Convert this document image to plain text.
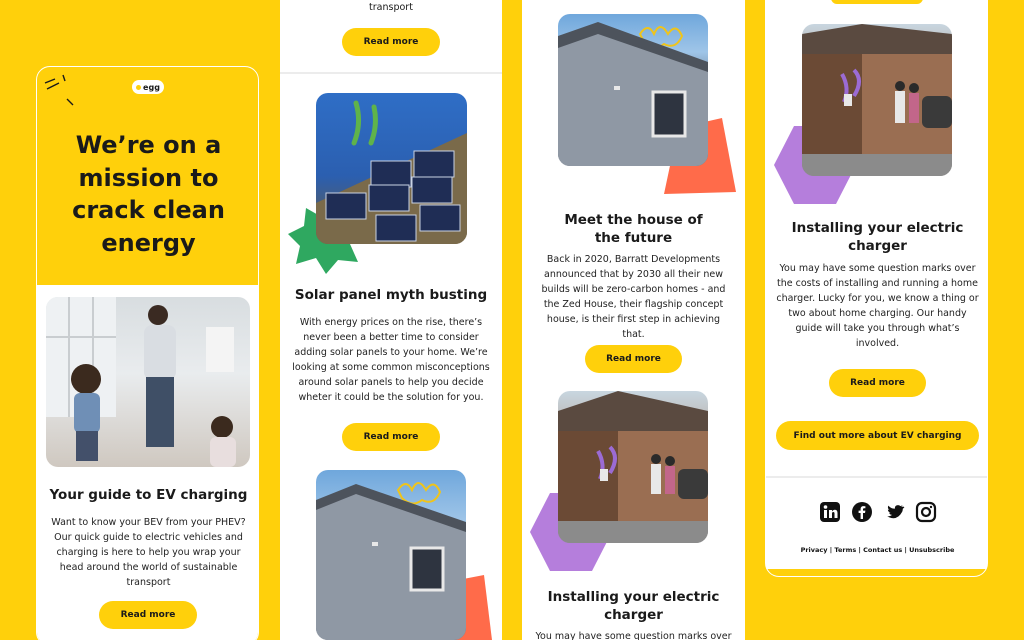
egg
We’re on a mission to crack clean energy
Your guide to EV charging
Want to know your BEV from your PHEV? Our quick guide to electric vehicles and charging is here to help you wrap your head around the world of sustainable transport
Read more
transport
Read more
Solar panel myth busting
With energy prices on the rise, there’s never been a better time to consider adding solar panels to your home. We’re looking at some common misconceptions around solar panels to help you decide wheter it could be the solution for you.
Read more
Meet the house of the future
Back in 2020, Barratt Developments announced that by 2030 all their new builds will be zero-carbon homes - and the Zed House, their flagship concept house, is their first step in achieving that.
Read more
Installing your electric charger
You may have some question marks over
Installing your electric charger
You may have some question marks over the costs of installing and running a home charger. Lucky for you, we know a thing or two about home charging. Our handy guide will take you through what’s involved.
Read more
Find out more about EV charging
Privacy | Terms | Contact us | Unsubscribe
